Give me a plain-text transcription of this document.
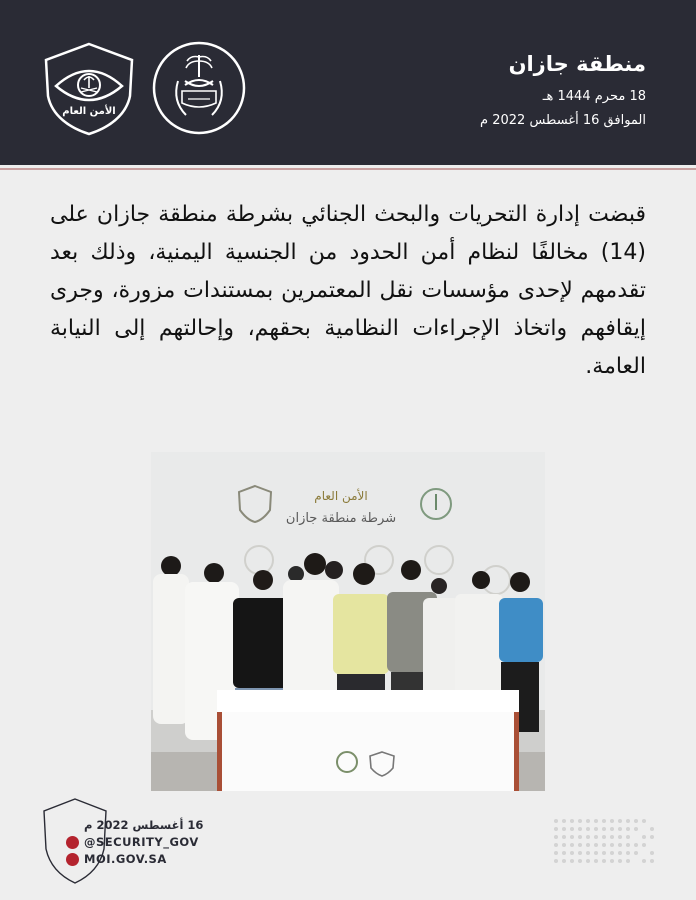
الأمن العام
منطقة جازان
18 محرم 1444 هـ
الموافق 16 أغسطس 2022 م
قبضت إدارة التحريات والبحث الجنائي بشرطة منطقة جازان على (14) مخالفًا لنظام أمن الحدود من الجنسية اليمنية، وذلك بعد تقدمهم لإحدى مؤسسات نقل المعتمرين بمستندات مزورة، وجرى إيقافهم واتخاذ الإجراءات النظامية بحقهم، وإحالتهم إلى النيابة العامة.
الأمن العام
شرطة منطقة جازان
16 أغسطس 2022 م
@SECURITY_GOV
MOI.GOV.SA
